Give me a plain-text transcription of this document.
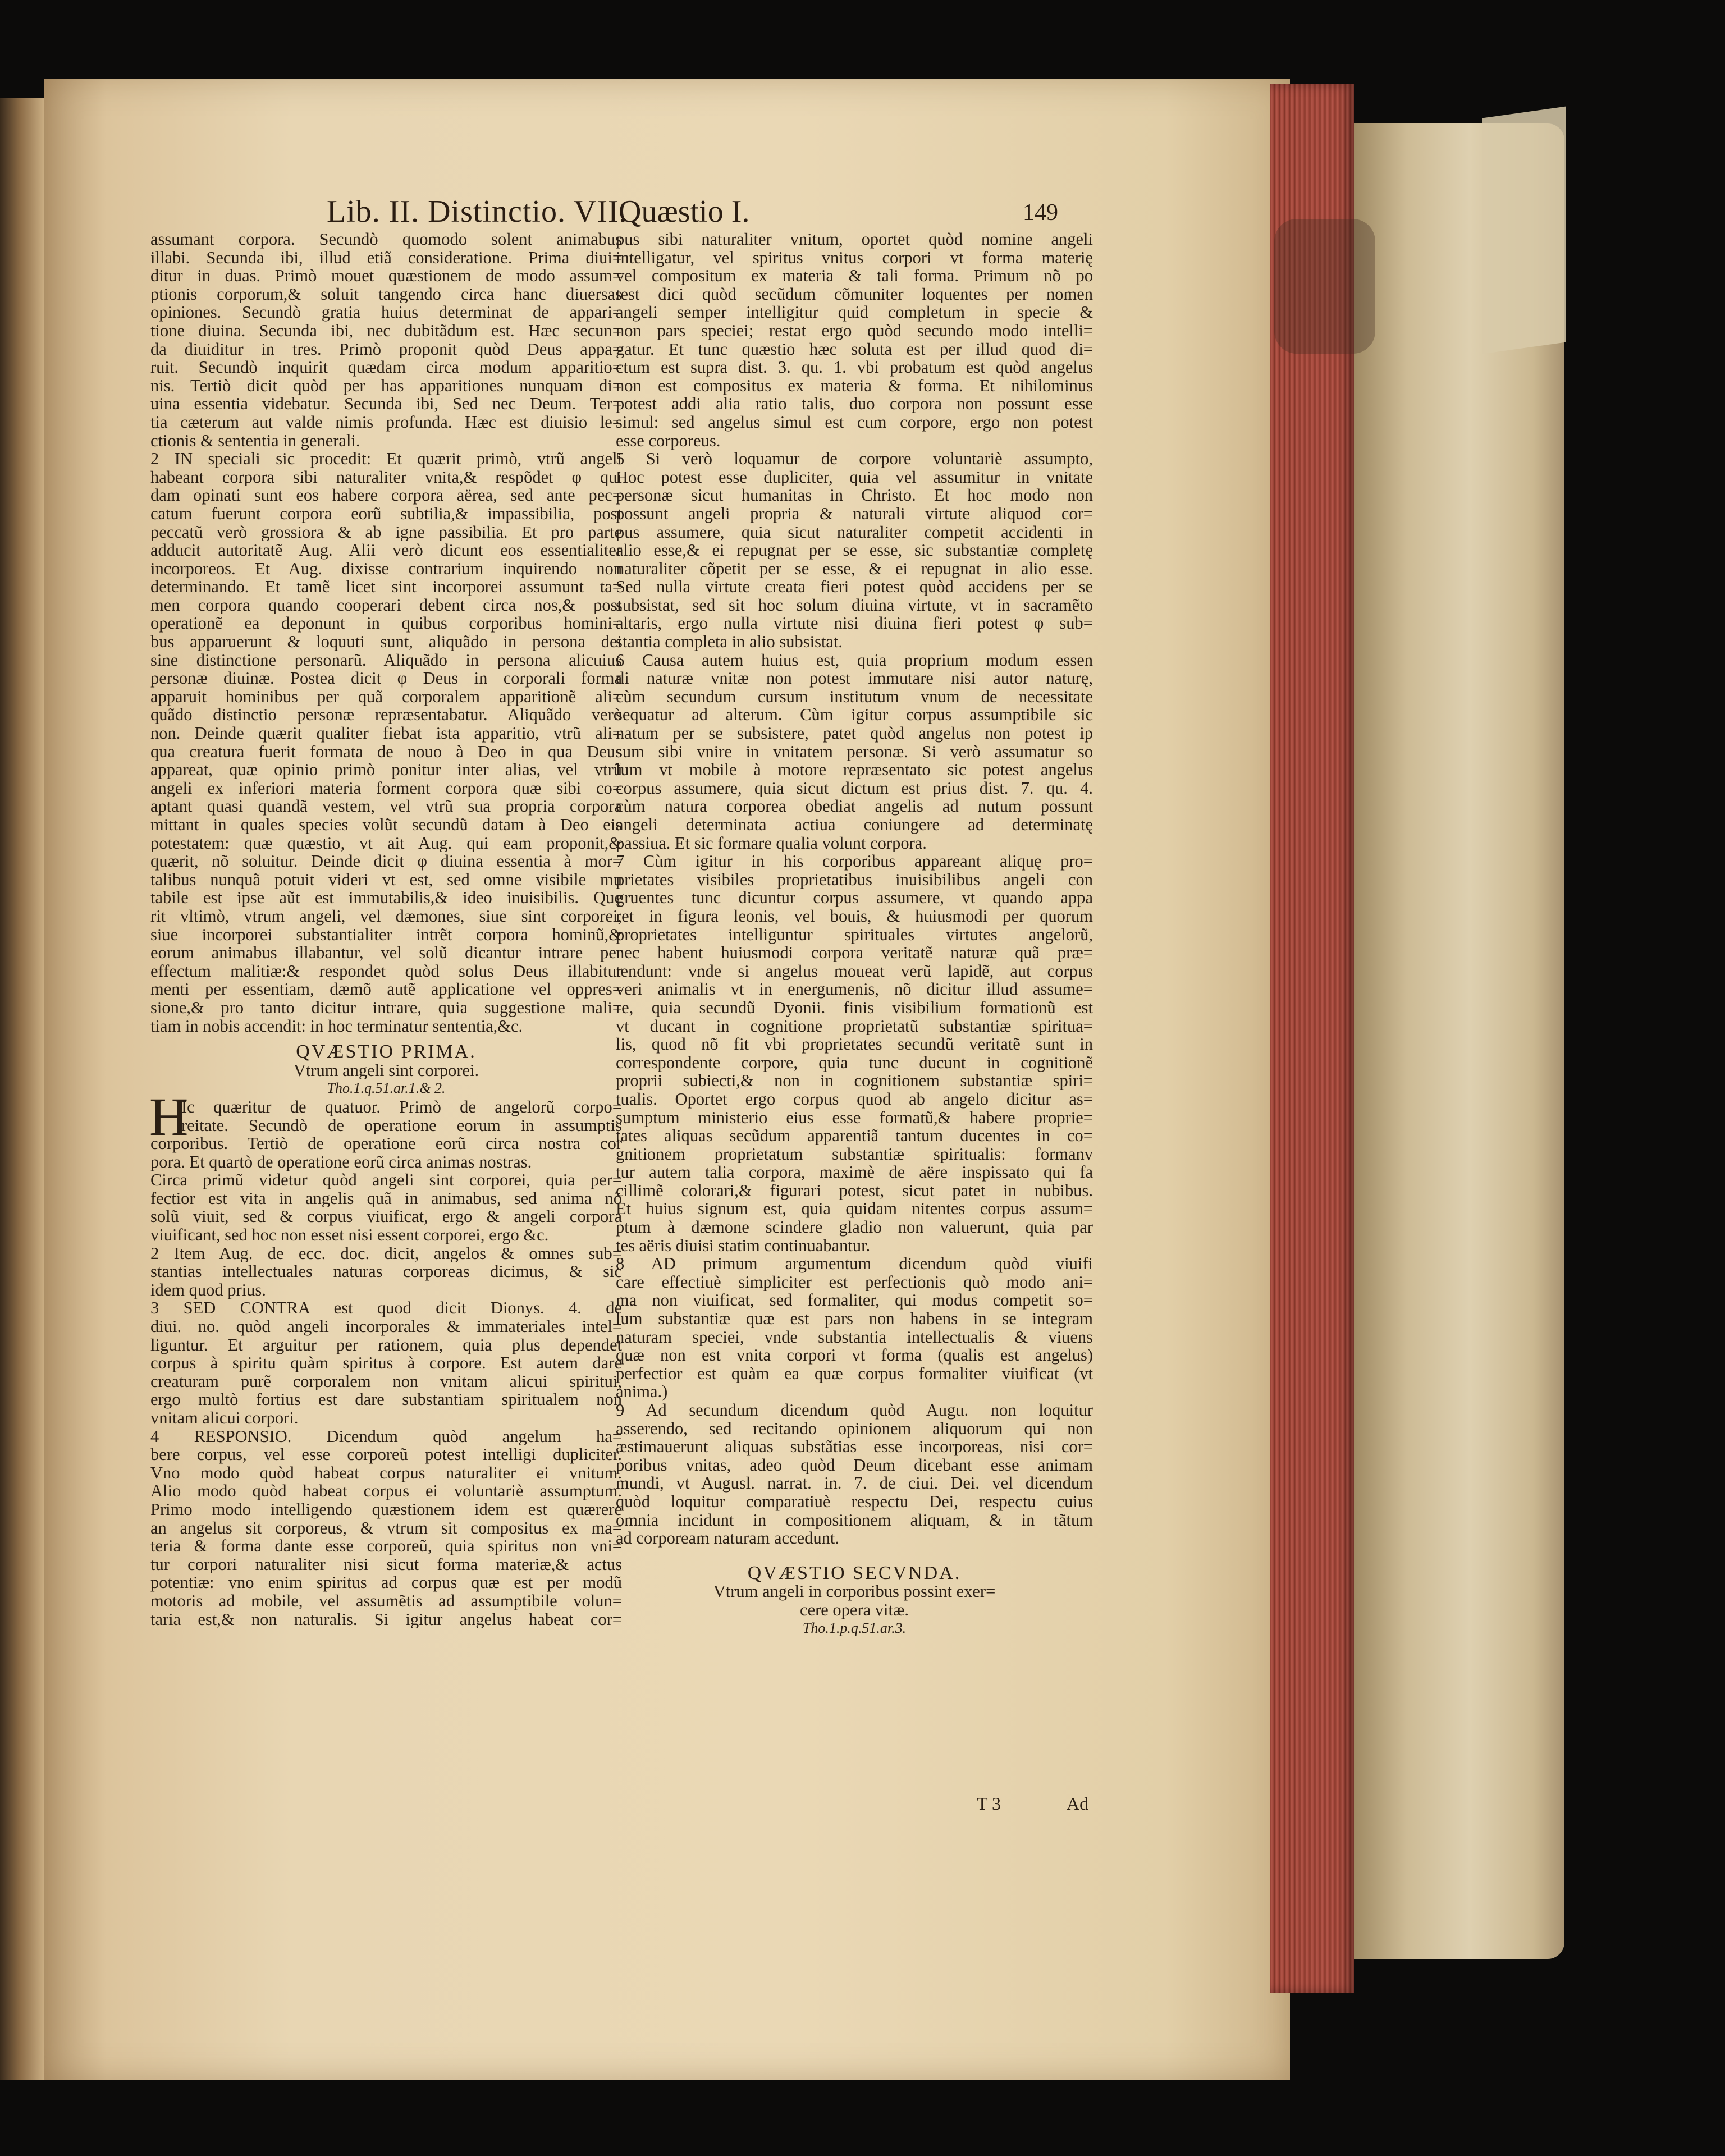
Lib. II. Distinctio. VII.
Quæstio I.	149
assumant corpora. Secundò quomodo solent animabus
illabi. Secunda ibi, illud etiã consideratione. Prima diui=
ditur in duas. Primò mouet quæstionem de modo assum=
ptionis corporum,& soluit tangendo circa hanc diuersas
opiniones. Secundò gratia huius determinat de appari=
tione diuina. Secunda ibi, nec dubitãdum est. Hæc secun=
da diuiditur in tres. Primò proponit quòd Deus appa=
ruit. Secundò inquirit quædam circa modum apparitio=
nis. Tertiò dicit quòd per has apparitiones nunquam di=
uina essentia videbatur. Secunda ibi, Sed nec Deum. Ter=
tia cæterum aut valde nimis profunda. Hæc est diuisio le=
ctionis & sententia in generali.
2 IN speciali sic procedit: Et quærit primò, vtrũ angeli
habeant corpora sibi naturaliter vnita,& respõdet φ qui
dam opinati sunt eos habere corpora aërea, sed ante pec=
catum fuerunt corpora eorũ subtilia,& impassibilia, post
peccatũ verò grossiora & ab igne passibilia. Et pro parte
adducit autoritatẽ Aug. Alii verò dicunt eos essentialiter
incorporeos. Et Aug. dixisse contrarium inquirendo non
determinando. Et tamẽ licet sint incorporei assumunt ta=
men corpora quando cooperari debent circa nos,& post
operationẽ ea deponunt in quibus corporibus homini=
bus apparuerunt & loquuti sunt, aliquãdo in persona dei
sine distinctione personarũ. Aliquãdo in persona alicuius
personæ diuinæ. Postea dicit φ Deus in corporali forma
apparuit hominibus per quã corporalem apparitionẽ ali=
quãdo distinctio personæ repræsentabatur. Aliquãdo verò
non. Deinde quærit qualiter fiebat ista apparitio, vtrũ ali=
qua creatura fuerit formata de nouo à Deo in qua Deus
appareat, quæ opinio primò ponitur inter alias, vel vtrũ
angeli ex inferiori materia forment corpora quæ sibi co=
aptant quasi quandã vestem, vel vtrũ sua propria corpora
mittant in quales species volũt secundũ datam à Deo eis
potestatem: quæ quæstio, vt ait Aug. qui eam proponit,&
quærit, nõ soluitur. Deinde dicit φ diuina essentia à mor=
talibus nunquã potuit videri vt est, sed omne visibile mu
tabile est ipse aũt est immutabilis,& ideo inuisibilis. Quę
rit vltimò, vtrum angeli, vel dæmones, siue sint corporei,
siue incorporei substantialiter intrẽt corpora hominũ,&
eorum animabus illabantur, vel solũ dicantur intrare per
effectum malitiæ:& respondet quòd solus Deus illabitur
menti per essentiam, dæmõ autẽ applicatione vel oppres=
sione,& pro tanto dicitur intrare, quia suggestione mali=
tiam in nobis accendit: in hoc terminatur sententia,&c.
QVÆSTIO PRIMA.
Vtrum angeli sint corporei.
Tho.1.q.51.ar.1.& 2.
Ic quæritur de quatuor. Primò de angelorũ corpo=
reitate. Secundò de operatione eorum in assumptis
corporibus. Tertiò de operatione eorũ circa nostra cor
pora. Et quartò de operatione eorũ circa animas nostras.
Circa primũ videtur quòd angeli sint corporei, quia per=
fectior est vita in angelis quã in animabus, sed anima nõ
solũ viuit, sed & corpus viuificat, ergo & angeli corpora
viuificant, sed hoc non esset nisi essent corporei, ergo &c.
2 Item Aug. de ecc. doc. dicit, angelos & omnes sub=
stantias intellectuales naturas corporeas dicimus, & sic
idem quod prius.
3 SED CONTRA est quod dicit Dionys. 4. de
diui. no. quòd angeli incorporales & immateriales intel=
liguntur. Et arguitur per rationem, quia plus dependet
corpus à spiritu quàm spiritus à corpore. Est autem dare
creaturam purẽ corporalem non vnitam alicui spiritui,
ergo multò fortius est dare substantiam spiritualem non
vnitam alicui corpori.
4 RESPONSIO. Dicendum quòd angelum ha=
bere corpus, vel esse corporeũ potest intelligi dupliciter.
Vno modo quòd habeat corpus naturaliter ei vnitum.
Alio modo quòd habeat corpus ei voluntariè assumptum.
Primo modo intelligendo quæstionem idem est quærere
an angelus sit corporeus, & vtrum sit compositus ex ma=
teria & forma dante esse corporeũ, quia spiritus non vni=
tur corpori naturaliter nisi sicut forma materiæ,& actus
potentiæ: vno enim spiritus ad corpus quæ est per modũ
motoris ad mobile, vel assumẽtis ad assumptibile volun=
taria est,& non naturalis. Si igitur angelus habeat cor=
pus sibi naturaliter vnitum, oportet quòd nomine angeli
intelligatur, vel spiritus vnitus corpori vt forma materię
vel compositum ex materia & tali forma. Primum nõ po
test dici quòd secũdum cõmuniter loquentes per nomen
angeli semper intelligitur quid completum in specie &
non pars speciei; restat ergo quòd secundo modo intelli=
gatur. Et tunc quæstio hæc soluta est per illud quod di=
ctum est supra dist. 3. qu. 1. vbi probatum est quòd angelus
non est compositus ex materia & forma. Et nihilominus
potest addi alia ratio talis, duo corpora non possunt esse
simul: sed angelus simul est cum corpore, ergo non potest
esse corporeus.
5 Si verò loquamur de corpore voluntariè assumpto,
Hoc potest esse dupliciter, quia vel assumitur in vnitate
personæ sicut humanitas in Christo. Et hoc modo non
possunt angeli propria & naturali virtute aliquod cor=
pus assumere, quia sicut naturaliter competit accidenti in
alio esse,& ei repugnat per se esse, sic substantiæ completę
naturaliter cõpetit per se esse, & ei repugnat in alio esse.
Sed nulla virtute creata fieri potest quòd accidens per se
subsistat, sed sit hoc solum diuina virtute, vt in sacramẽto
altaris, ergo nulla virtute nisi diuina fieri potest φ sub=
stantia completa in alio subsistat.
6 Causa autem huius est, quia proprium modum essen
di naturæ vnitæ non potest immutare nisi autor naturę,
cùm secundum cursum institutum vnum de necessitate
sequatur ad alterum. Cùm igitur corpus assumptibile sic
natum per se subsistere, patet quòd angelus non potest ip
sum sibi vnire in vnitatem personæ. Si verò assumatur so
lum vt mobile à motore repræsentato sic potest angelus
corpus assumere, quia sicut dictum est prius dist. 7. qu. 4.
cùm natura corporea obediat angelis ad nutum possunt
angeli determinata actiua coniungere ad determinatę
passiua. Et sic formare qualia volunt corpora.
7 Cùm igitur in his corporibus appareant aliquę pro=
prietates visibiles proprietatibus inuisibilibus angeli con
gruentes tunc dicuntur corpus assumere, vt quando appa
ret in figura leonis, vel bouis, & huiusmodi per quorum
proprietates intelliguntur spirituales virtutes angelorũ,
nec habent huiusmodi corpora veritatẽ naturæ quã præ=
tendunt: vnde si angelus moueat verũ lapidẽ, aut corpus
veri animalis vt in energumenis, nõ dicitur illud assume=
re, quia secundũ Dyonii. finis visibilium formationũ est
vt ducant in cognitione proprietatũ substantiæ spiritua=
lis, quod nõ fit vbi proprietates secundũ veritatẽ sunt in
correspondente corpore, quia tunc ducunt in cognitionẽ
proprii subiecti,& non in cognitionem substantiæ spiri=
tualis. Oportet ergo corpus quod ab angelo dicitur as=
sumptum ministerio eius esse formatũ,& habere proprie=
tates aliquas secũdum apparentiã tantum ducentes in co=
gnitionem proprietatum substantiæ spiritualis: formanv
tur autem talia corpora, maximè de aëre inspissato qui fa
cillimẽ colorari,& figurari potest, sicut patet in nubibus.
Et huius signum est, quia quidam nitentes corpus assum=
ptum à dæmone scindere gladio non valuerunt, quia par
tes aëris diuisi statim continuabantur.
8 AD primum argumentum dicendum quòd viuifi
care effectiuè simpliciter est perfectionis quò modo ani=
ma non viuificat, sed formaliter, qui modus competit so=
lum substantiæ quæ est pars non habens in se integram
naturam speciei, vnde substantia intellectualis & viuens
quæ non est vnita corpori vt forma (qualis est angelus)
perfectior est quàm ea quæ corpus formaliter viuificat (vt
anima.)
9 Ad secundum dicendum quòd Augu. non loquitur
asserendo, sed recitando opinionem aliquorum qui non
æstimauerunt aliquas substãtias esse incorporeas, nisi cor=
poribus vnitas, adeo quòd Deum dicebant esse animam
mundi, vt Augusl. narrat. in. 7. de ciui. Dei. vel dicendum
quòd loquitur comparatiuè respectu Dei, respectu cuius
omnia incidunt in compositionem aliquam, & in tãtum
ad corpoream naturam accedunt.
QVÆSTIO SECVNDA.
Vtrum angeli in corporibus possint exer=
cere opera vitæ.
Tho.1.p.q.51.ar.3.
T 3	Ad
H
